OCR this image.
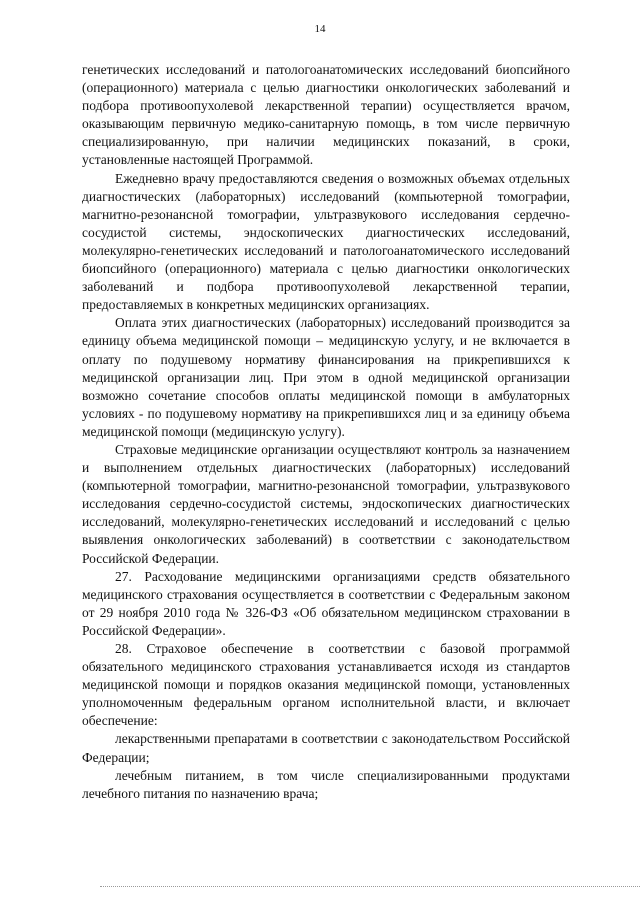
14

генетических исследований и патологоанатомических исследований биопсийного (операционного) материала с целью диагностики онкологических заболеваний и подбора противоопухолевой лекарственной терапии) осуществляется врачом, оказывающим первичную медико-санитарную помощь, в том числе первичную специализированную, при наличии медицинских показаний, в сроки, установленные настоящей Программой.

Ежедневно врачу предоставляются сведения о возможных объемах отдельных диагностических (лабораторных) исследований (компьютерной томографии, магнитно-резонансной томографии, ультразвукового исследования сердечно-сосудистой системы, эндоскопических диагностических исследований, молекулярно-генетических исследований и патологоанатомического исследований биопсийного (операционного) материала с целью диагностики онкологических заболеваний и подбора противоопухолевой лекарственной терапии, предоставляемых в конкретных медицинских организациях.

Оплата этих диагностических (лабораторных) исследований производится за единицу объема медицинской помощи – медицинскую услугу, и не включается в оплату по подушевому нормативу финансирования на прикрепившихся к медицинской организации лиц. При этом в одной медицинской организации возможно сочетание способов оплаты медицинской помощи в амбулаторных условиях - по подушевому нормативу на прикрепившихся лиц и за единицу объема медицинской помощи (медицинскую услугу).

Страховые медицинские организации осуществляют контроль за назначением и выполнением отдельных диагностических (лабораторных) исследований (компьютерной томографии, магнитно-резонансной томографии, ультразвукового исследования сердечно-сосудистой системы, эндоскопических диагностических исследований, молекулярно-генетических исследований и исследований с целью выявления онкологических заболеваний) в соответствии с законодательством Российской Федерации.

27. Расходование медицинскими организациями средств обязательного медицинского страхования осуществляется в соответствии с Федеральным законом от 29 ноября 2010 года № 326-ФЗ «Об обязательном медицинском страховании в Российской Федерации».

28. Страховое обеспечение в соответствии с базовой программой обязательного медицинского страхования устанавливается исходя из стандартов медицинской помощи и порядков оказания медицинской помощи, установленных уполномоченным федеральным органом исполнительной власти, и включает обеспечение:

лекарственными препаратами в соответствии с законодательством Российской Федерации;

лечебным питанием, в том числе специализированными продуктами лечебного питания по назначению врача;
